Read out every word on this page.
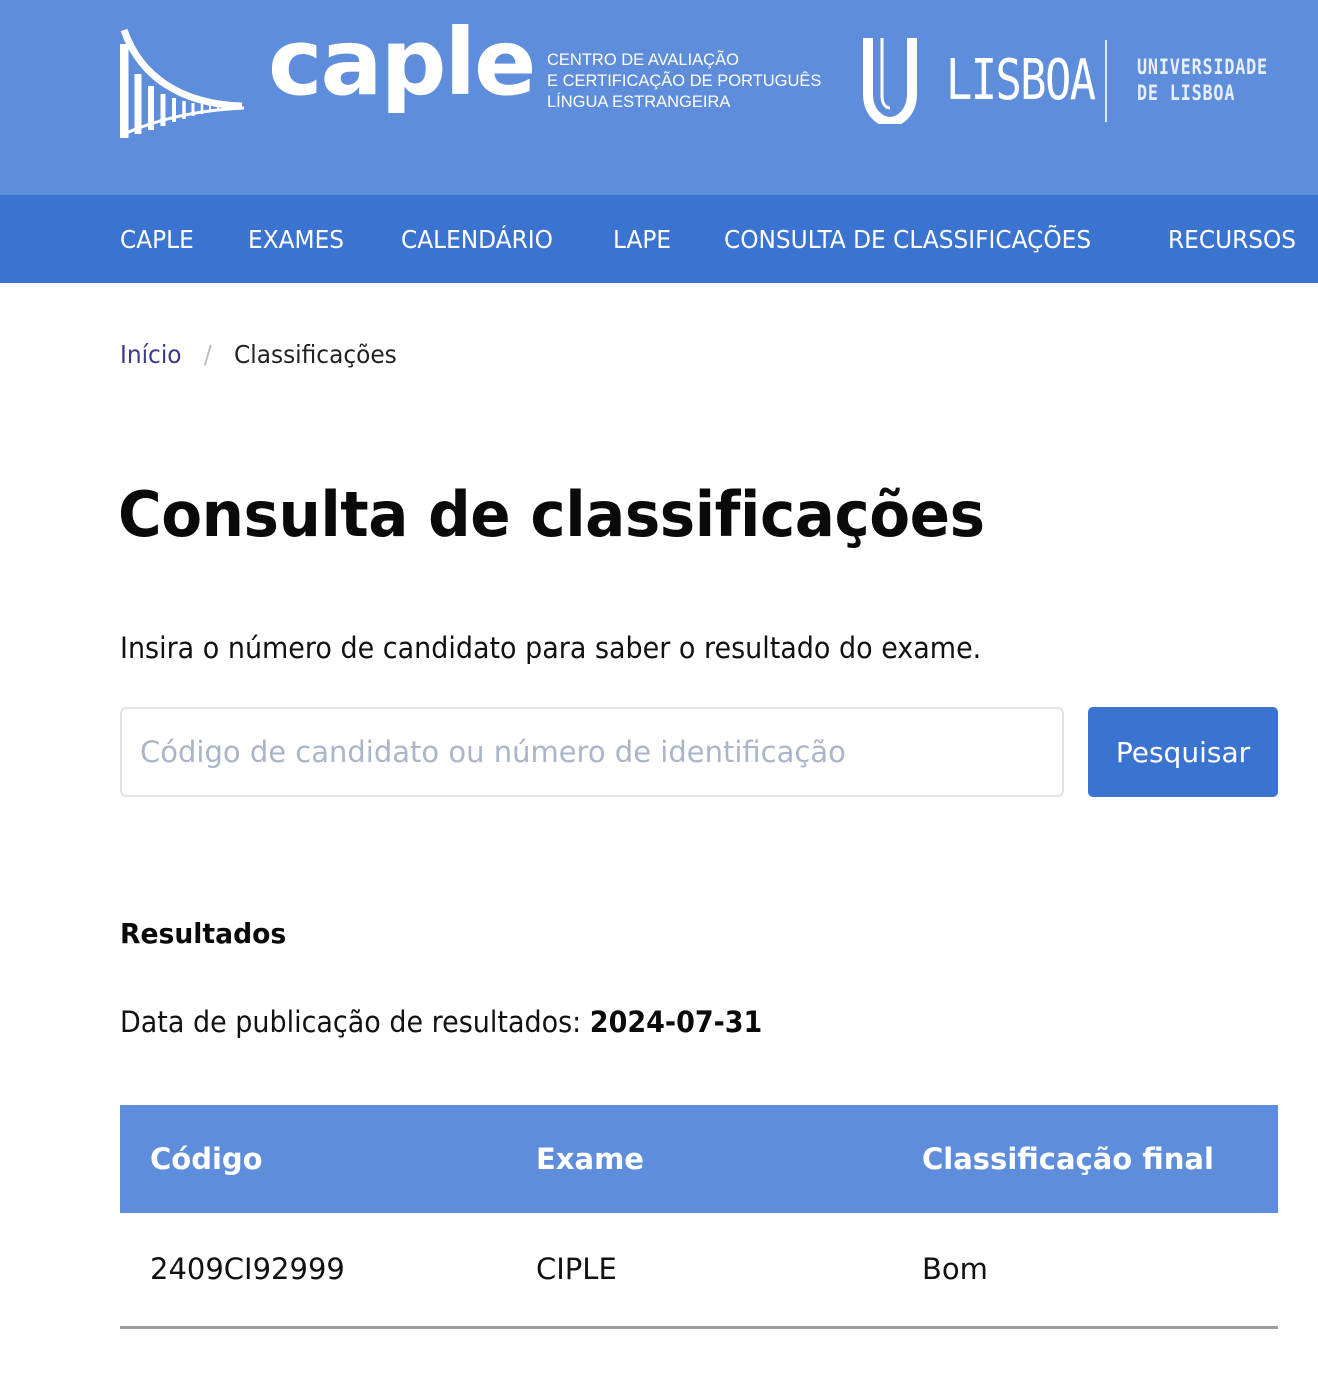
caple CENTRO DE AVALIAÇÃO
E CERTIFICAÇÃO DE PORTUGUÊS
LÍNGUA ESTRANGEIRA	LISBOA UNIVERSIDADE
DE LISBOA
CAPLE EXAMES CALENDÁRIO LAPE CONSULTA DE CLASSIFICAÇÕES	RECURSOS
Início / Classificações
Consulta de classificações

Insira o número de candidato para saber o resultado do exame.

Código de candidato ou número de identificação
Pesquisar
Resultados

Data de publicação de resultados: 2024-07-31

Código	Exame	Classificação final
2409CI92999	CIPLE	Bom
